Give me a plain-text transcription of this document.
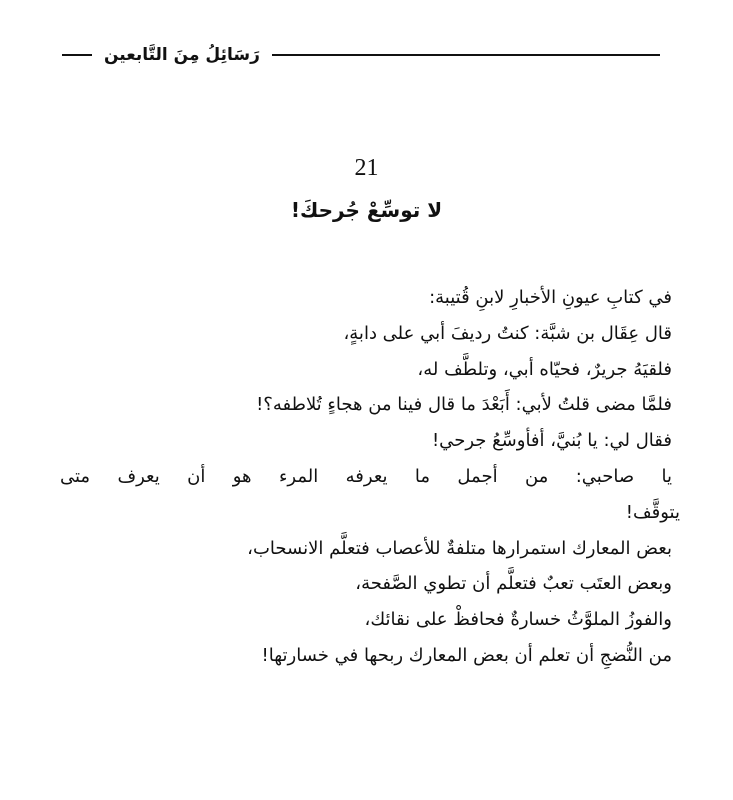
رَسَائِلُ مِنَ التَّابعين
21
لا توسِّعْ جُرحكَ!
في كتابِ عيونِ الأخبارِ لابنِ قُتيبة:
قال عِقَال بن شبَّة: كنتُ رديفَ أبي على دابةٍ،
فلقيَهُ جريرٌ، فحيّاه أبي، وتلطَّف له،
فلمَّا مضى قلتُ لأبي: أَبَعْدَ ما قال فينا من هجاءٍ تُلاطفه؟!
فقال لي: يا بُنيَّ، أفأوسِّعُ جرحي!
يا صاحبي: من أجمل ما يعرفه المرء هو أن يعرف متى
يتوقَّف!
بعض المعارك استمرارها متلفةٌ للأعصاب فتعلَّم الانسحاب،
وبعض العتَب تعبٌ فتعلَّم أن تطوي الصَّفحة،
والفوزُ الملوَّثُ خسارةٌ فحافظْ على نقائك،
من النُّضجِ أن تعلم أن بعض المعارك ربحها في خسارتها!
